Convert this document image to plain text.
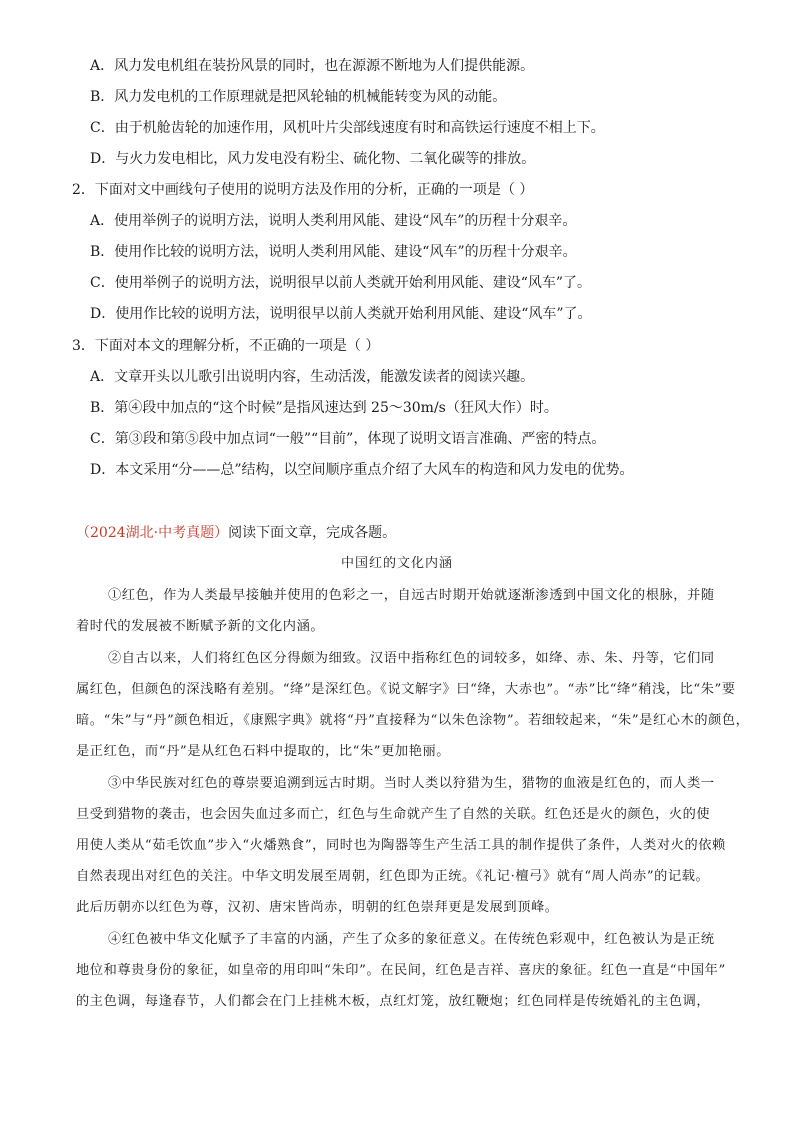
A．风力发电机组在装扮风景的同时，也在源源不断地为人们提供能源。
B．风力发电机的工作原理就是把风轮轴的机械能转变为风的动能。
C．由于机舱齿轮的加速作用，风机叶片尖部线速度有时和高铁运行速度不相上下。
D．与火力发电相比，风力发电没有粉尘、硫化物、二氧化碳等的排放。
2．下面对文中画线句子使用的说明方法及作用的分析，正确的一项是（ ）
A．使用举例子的说明方法，说明人类利用风能、建设“风车”的历程十分艰辛。
B．使用作比较的说明方法，说明人类利用风能、建设“风车”的历程十分艰辛。
C．使用举例子的说明方法，说明很早以前人类就开始利用风能、建设“风车”了。
D．使用作比较的说明方法，说明很早以前人类就开始利用风能、建设“风车”了。
3．下面对本文的理解分析，不正确的一项是（ ）
A．文章开头以儿歌引出说明内容，生动活泼，能激发读者的阅读兴趣。
B．第④段中加点的“这个时候”是指风速达到 25～30m/s（狂风大作）时。
C．第③段和第⑤段中加点词“一般”“目前”，体现了说明文语言准确、严密的特点。
D．本文采用“分——总”结构，以空间顺序重点介绍了大风车的构造和风力发电的优势。
（2024湖北·中考真题）阅读下面文章，完成各题。
中国红的文化内涵
①红色，作为人类最早接触并使用的色彩之一，自远古时期开始就逐渐渗透到中国文化的根脉，并随
着时代的发展被不断赋予新的文化内涵。
②自古以来，人们将红色区分得颇为细致。汉语中指称红色的词较多，如绛、赤、朱、丹等，它们同
属红色，但颜色的深浅略有差别。“绛”是深红色。《说文解字》曰“绛，大赤也”。“赤”比“绛”稍浅，比“朱”要
暗。“朱”与“丹”颜色相近，《康熙字典》就将“丹”直接释为“以朱色涂物”。若细较起来，“朱”是红心木的颜色，
是正红色，而“丹”是从红色石料中提取的，比“朱”更加艳丽。
③中华民族对红色的尊崇要追溯到远古时期。当时人类以狩猎为生，猎物的血液是红色的，而人类一
旦受到猎物的袭击，也会因失血过多而亡，红色与生命就产生了自然的关联。红色还是火的颜色，火的使
用使人类从“茹毛饮血”步入“火燔熟食”，同时也为陶器等生产生活工具的制作提供了条件，人类对火的依赖
自然表现出对红色的关注。中华文明发展至周朝，红色即为正统。《礼记·檀弓》就有“周人尚赤”的记载。
此后历朝亦以红色为尊，汉初、唐宋皆尚赤，明朝的红色崇拜更是发展到顶峰。
④红色被中华文化赋予了丰富的内涵，产生了众多的象征意义。在传统色彩观中，红色被认为是正统
地位和尊贵身份的象征，如皇帝的用印叫“朱印”。在民间，红色是吉祥、喜庆的象征。红色一直是“中国年”
的主色调，每逢春节，人们都会在门上挂桃木板，点红灯笼，放红鞭炮；红色同样是传统婚礼的主色调，
